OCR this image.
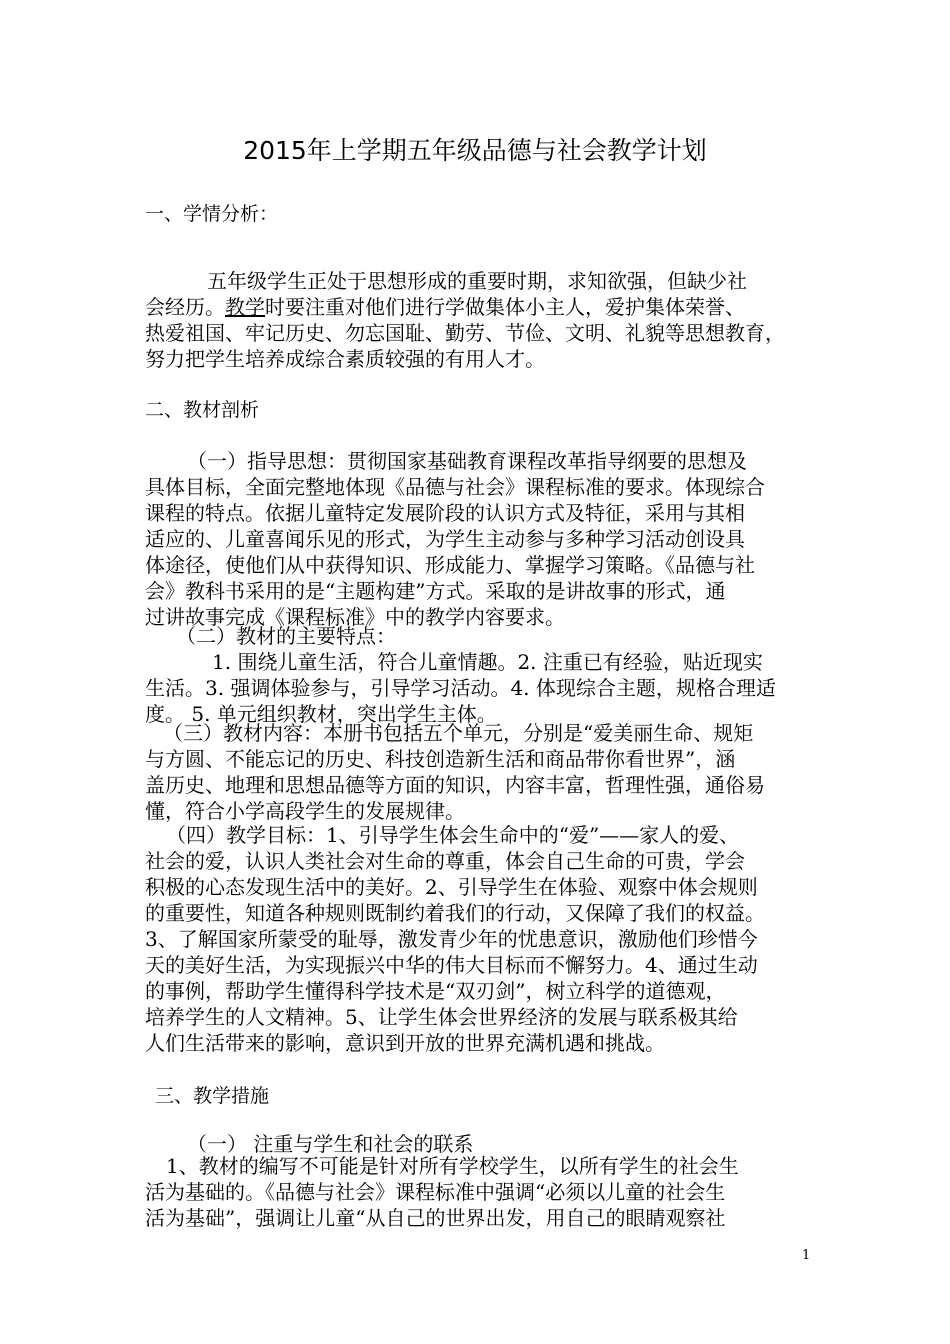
2015年上学期五年级品德与社会教学计划
一、学情分析：
五年级学生正处于思想形成的重要时期，求知欲强，但缺少社
会经历。教学时要注重对他们进行学做集体小主人，爱护集体荣誉、
热爱祖国、牢记历史、勿忘国耻、勤劳、节俭、文明、礼貌等思想教育，
努力把学生培养成综合素质较强的有用人才。
二、教材剖析
（一）指导思想：贯彻国家基础教育课程改革指导纲要的思想及
具体目标，全面完整地体现《品德与社会》课程标准的要求。体现综合
课程的特点。依据儿童特定发展阶段的认识方式及特征，采用与其相
适应的、儿童喜闻乐见的形式，为学生主动参与多种学习活动创设具
体途径，使他们从中获得知识、形成能力、掌握学习策略。《品德与社
会》教科书采用的是“主题构建”方式。采取的是讲故事的形式，通
过讲故事完成《课程标准》中的教学内容要求。
（二）教材的主要特点：
1. 围绕儿童生活，符合儿童情趣。2. 注重已有经验，贴近现实
生活。3. 强调体验参与，引导学习活动。4. 体现综合主题，规格合理适
度。 5. 单元组织教材，突出学生主体。
（三）教材内容：本册书包括五个单元，分别是“爱美丽生命、规矩
与方圆、不能忘记的历史、科技创造新生活和商品带你看世界”，涵
盖历史、地理和思想品德等方面的知识，内容丰富，哲理性强，通俗易
懂，符合小学高段学生的发展规律。
（四）教学目标：1、引导学生体会生命中的“爱”——家人的爱、
社会的爱，认识人类社会对生命的尊重，体会自己生命的可贵，学会
积极的心态发现生活中的美好。2、引导学生在体验、观察中体会规则
的重要性，知道各种规则既制约着我们的行动，又保障了我们的权益。
3、了解国家所蒙受的耻辱，激发青少年的忧患意识，激励他们珍惜今
天的美好生活，为实现振兴中华的伟大目标而不懈努力。4、通过生动
的事例，帮助学生懂得科学技术是“双刃剑”，树立科学的道德观，
培养学生的人文精神。5、让学生体会世界经济的发展与联系极其给
人们生活带来的影响，意识到开放的世界充满机遇和挑战。
三、教学措施
（一） 注重与学生和社会的联系
1、教材的编写不可能是针对所有学校学生，以所有学生的社会生
活为基础的。《品德与社会》课程标准中强调“必须以儿童的社会生
活为基础”，强调让儿童“从自己的世界出发，用自己的眼睛观察社
1
